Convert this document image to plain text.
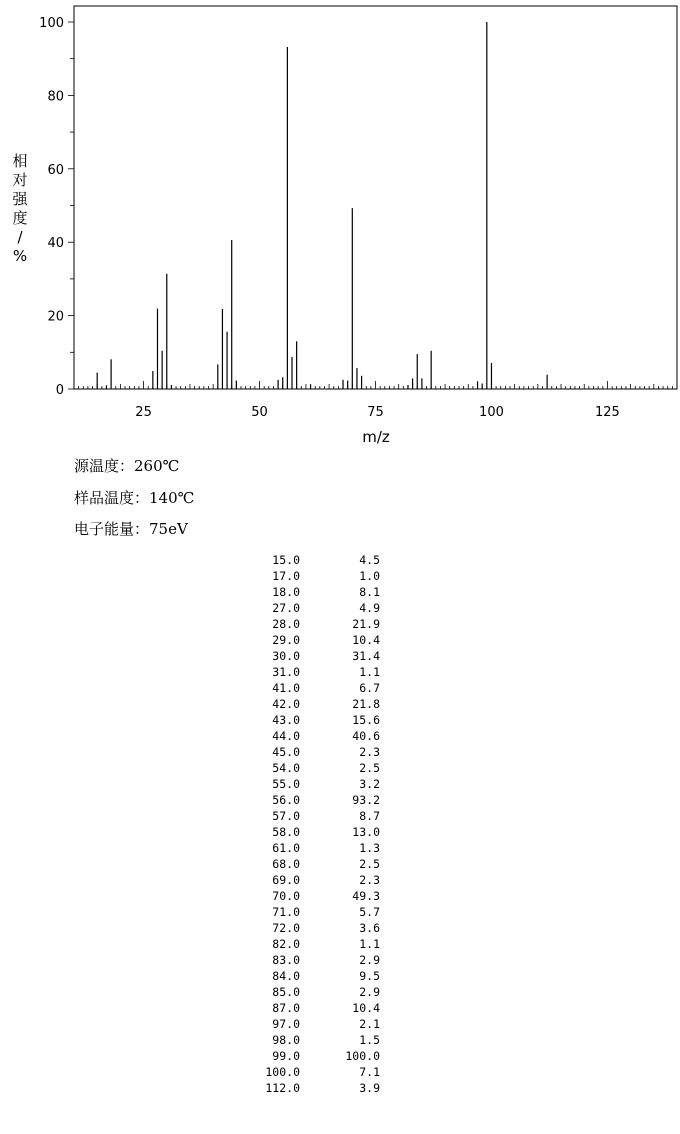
25	50	75	100	125
0
20
40
60
80
100
m/z
相对强度/ %
源温度：260℃
样品温度：140℃
电子能量：75eV
15.0	4.5
17.0	1.0
18.0	8.1
27.0	4.9
28.0	21.9
29.0	10.4
30.0	31.4
31.0	1.1
41.0	6.7
42.0	21.8
43.0	15.6
44.0	40.6
45.0	2.3
54.0	2.5
55.0	3.2
56.0	93.2
57.0	8.7
58.0	13.0
61.0	1.3
68.0	2.5
69.0	2.3
70.0	49.3
71.0	5.7
72.0	3.6
82.0	1.1
83.0	2.9
84.0	9.5
85.0	2.9
87.0	10.4
97.0	2.1
98.0	1.5
99.0	100.0
100.0	7.1
112.0	3.9
